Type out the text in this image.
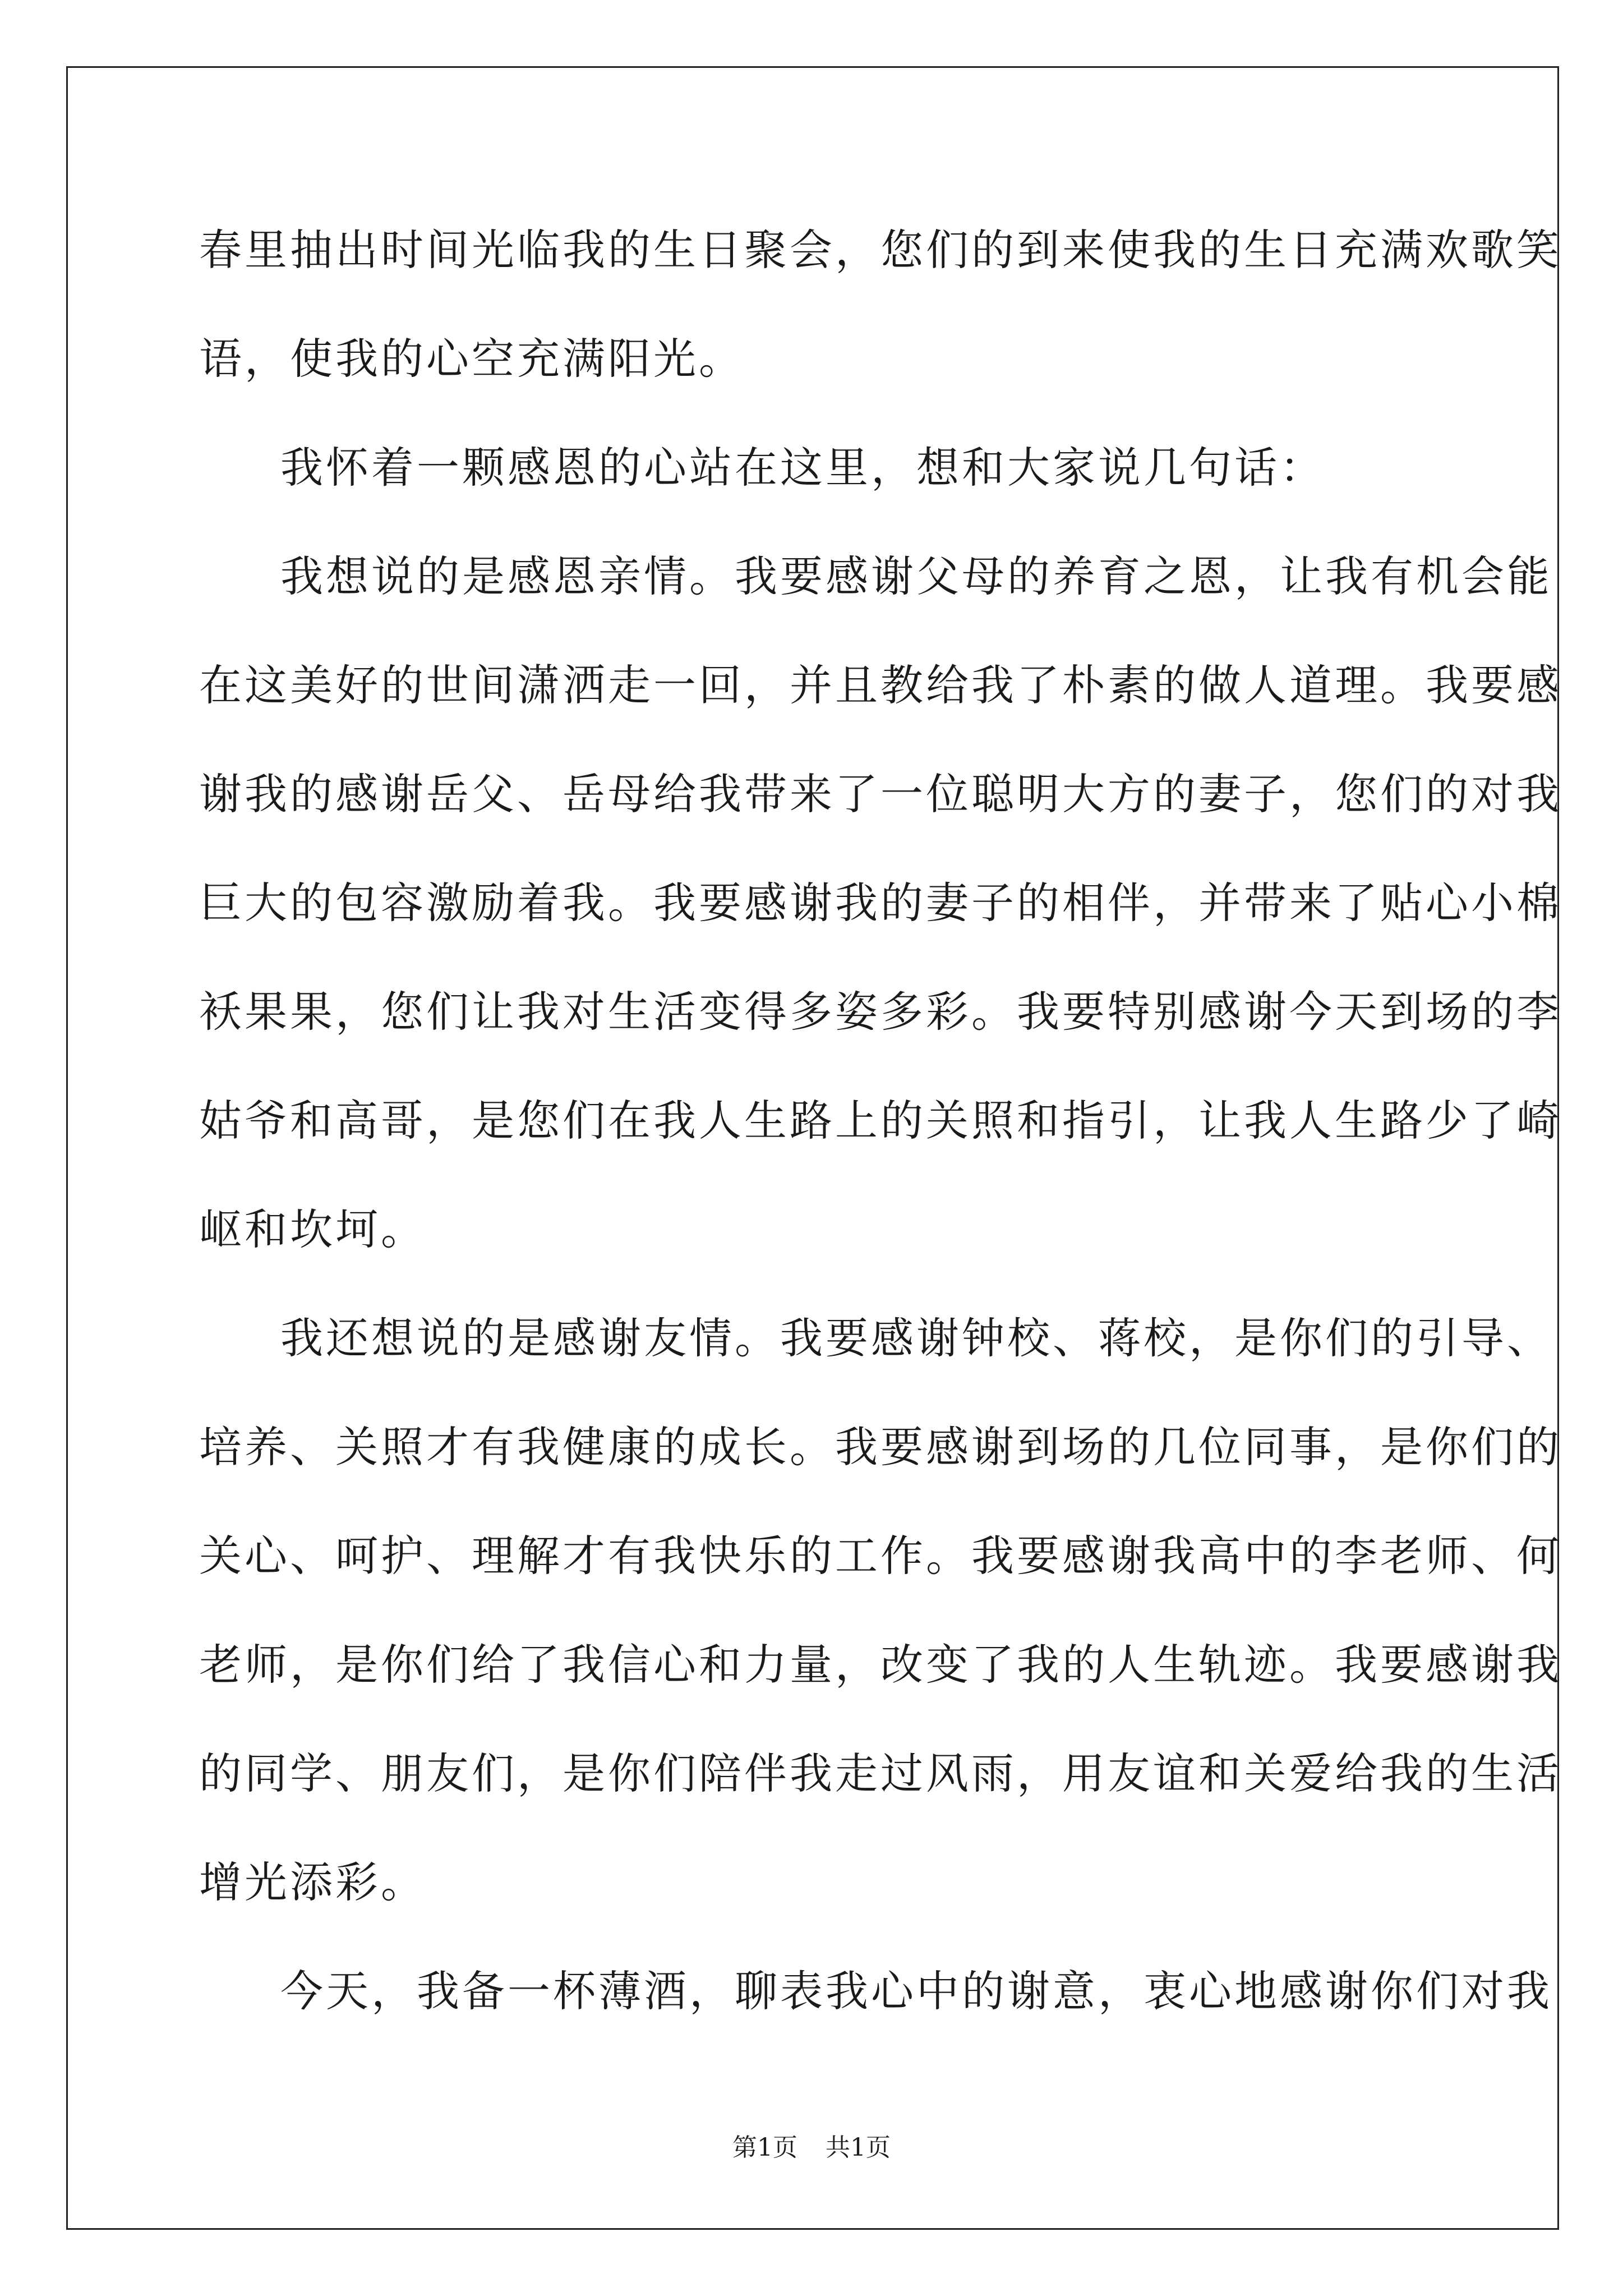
春里抽出时间光临我的生日聚会，您们的到来使我的生日充满欢歌笑
语，使我的心空充满阳光。
我怀着一颗感恩的心站在这里，想和大家说几句话：
我想说的是感恩亲情。我要感谢父母的养育之恩，让我有机会能
在这美好的世间潇洒走一回，并且教给我了朴素的做人道理。我要感
谢我的感谢岳父、岳母给我带来了一位聪明大方的妻子，您们的对我
巨大的包容激励着我。我要感谢我的妻子的相伴，并带来了贴心小棉
袄果果，您们让我对生活变得多姿多彩。我要特别感谢今天到场的李
姑爷和高哥，是您们在我人生路上的关照和指引，让我人生路少了崎
岖和坎坷。
我还想说的是感谢友情。我要感谢钟校、蒋校，是你们的引导、
培养、关照才有我健康的成长。我要感谢到场的几位同事，是你们的
关心、呵护、理解才有我快乐的工作。我要感谢我高中的李老师、何
老师，是你们给了我信心和力量，改变了我的人生轨迹。我要感谢我
的同学、朋友们，是你们陪伴我走过风雨，用友谊和关爱给我的生活
增光添彩。
今天，我备一杯薄酒，聊表我心中的谢意，衷心地感谢你们对我
第1页 共1页
